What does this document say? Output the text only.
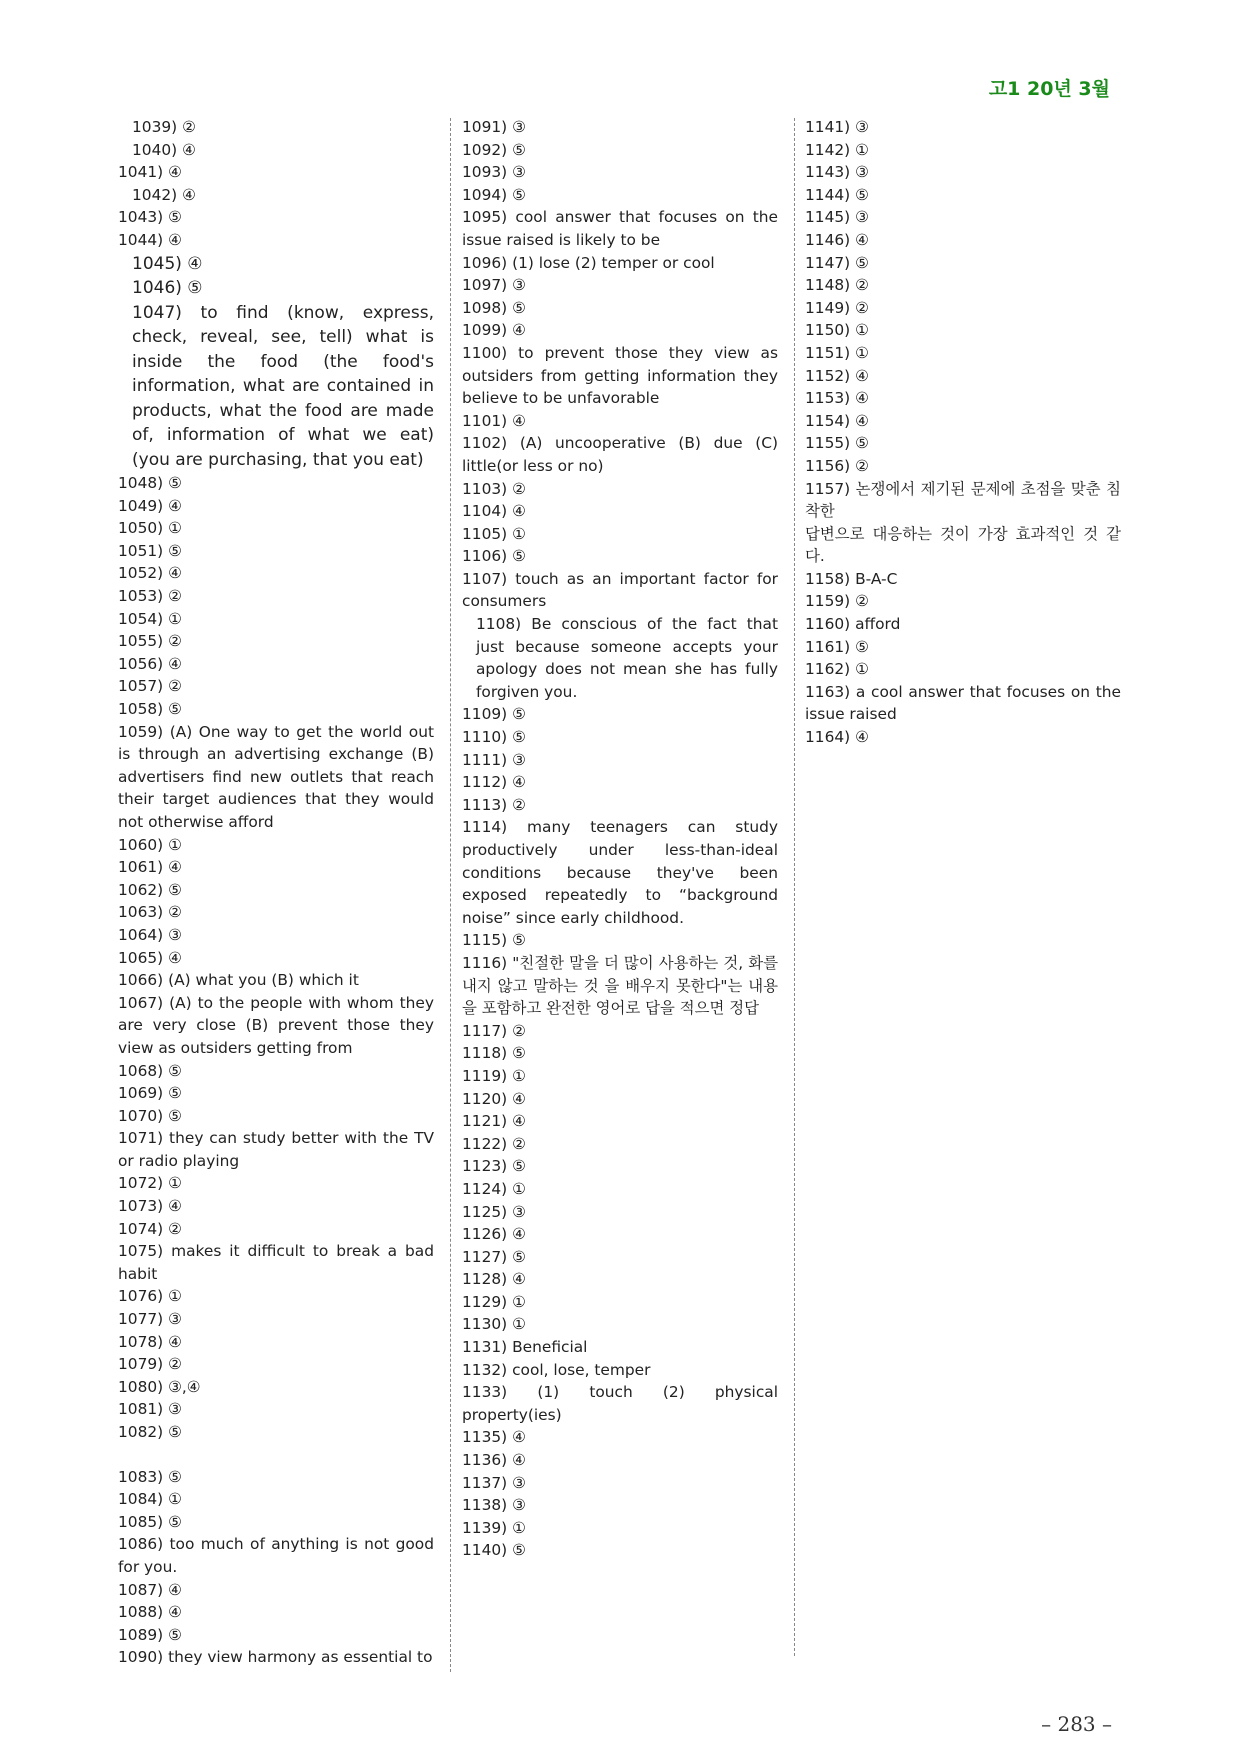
고1 20년 3월

1039) ②

1040) ④

1041) ④

1042) ④

1043) ⑤

1044) ④

1045) ④

1046) ⑤

1047) to find (know, express, check, reveal, see, tell) what is inside the food (the food's information, what are contained in products, what the food are made of, information of what we eat) (you are purchasing, that you eat)

1048) ⑤

1049) ④

1050) ①

1051) ⑤

1052) ④

1053) ②

1054) ①

1055) ②

1056) ④

1057) ②

1058) ⑤

1059) (A) One way to get the world out is through an advertising exchange (B) advertisers find new outlets that reach their target audiences that they would not otherwise afford

1060) ①

1061) ④

1062) ⑤

1063) ②

1064) ③

1065) ④

1066) (A) what you (B) which it

1067) (A) to the people with whom they are very close (B) prevent those they view as outsiders getting from

1068) ⑤

1069) ⑤

1070) ⑤

1071) they can study better with the TV or radio playing

1072) ①

1073) ④

1074) ②

1075) makes it difficult to break a bad habit

1076) ①

1077) ③

1078) ④

1079) ②

1080) ③,④

1081) ③

1082) ⑤

1083) ⑤

1084) ①

1085) ⑤

1086) too much of anything is not good for you.

1087) ④

1088) ④

1089) ⑤

1090) they view harmony as essential to

1091) ③

1092) ⑤

1093) ③

1094) ⑤

1095) cool answer that focuses on the issue raised is likely to be

1096) (1) lose (2) temper or cool

1097) ③

1098) ⑤

1099) ④

1100) to prevent those they view as outsiders from getting information they believe to be unfavorable

1101) ④

1102) (A) uncooperative (B) due (C) little(or less or no)

1103) ②

1104) ④

1105) ①

1106) ⑤

1107) touch as an important factor for consumers

1108) Be conscious of the fact that just because someone accepts your apology does not mean she has fully forgiven you.

1109) ⑤

1110) ⑤

1111) ③

1112) ④

1113) ②

1114) many teenagers can study productively under less-than-ideal conditions because they've been exposed repeatedly to “background noise” since early childhood.

1115) ⑤

1116) "친절한 말을 더 많이 사용하는 것, 화를 내지 않고 말하는 것 을 배우지 못한다"는 내용을 포함하고 완전한 영어로 답을 적으면 정답

1117) ②

1118) ⑤

1119) ①

1120) ④

1121) ④

1122) ②

1123) ⑤

1124) ①

1125) ③

1126) ④

1127) ⑤

1128) ④

1129) ①

1130) ①

1131) Beneficial

1132) cool, lose, temper

1133) (1) touch (2) physical property(ies)

1135) ④

1136) ④

1137) ③

1138) ③

1139) ①

1140) ⑤

1141) ③

1142) ①

1143) ③

1144) ⑤

1145) ③

1146) ④

1147) ⑤

1148) ②

1149) ②

1150) ①

1151) ①

1152) ④

1153) ④

1154) ④

1155) ⑤

1156) ②

1157) 논쟁에서 제기된 문제에 초점을 맞춘 침착한

답변으로 대응하는 것이 가장 효과적인 것 같다.

1158) B-A-C

1159) ②

1160) afford

1161) ⑤

1162) ①

1163) a cool answer that focuses on the issue raised

1164) ④

– 283 –
